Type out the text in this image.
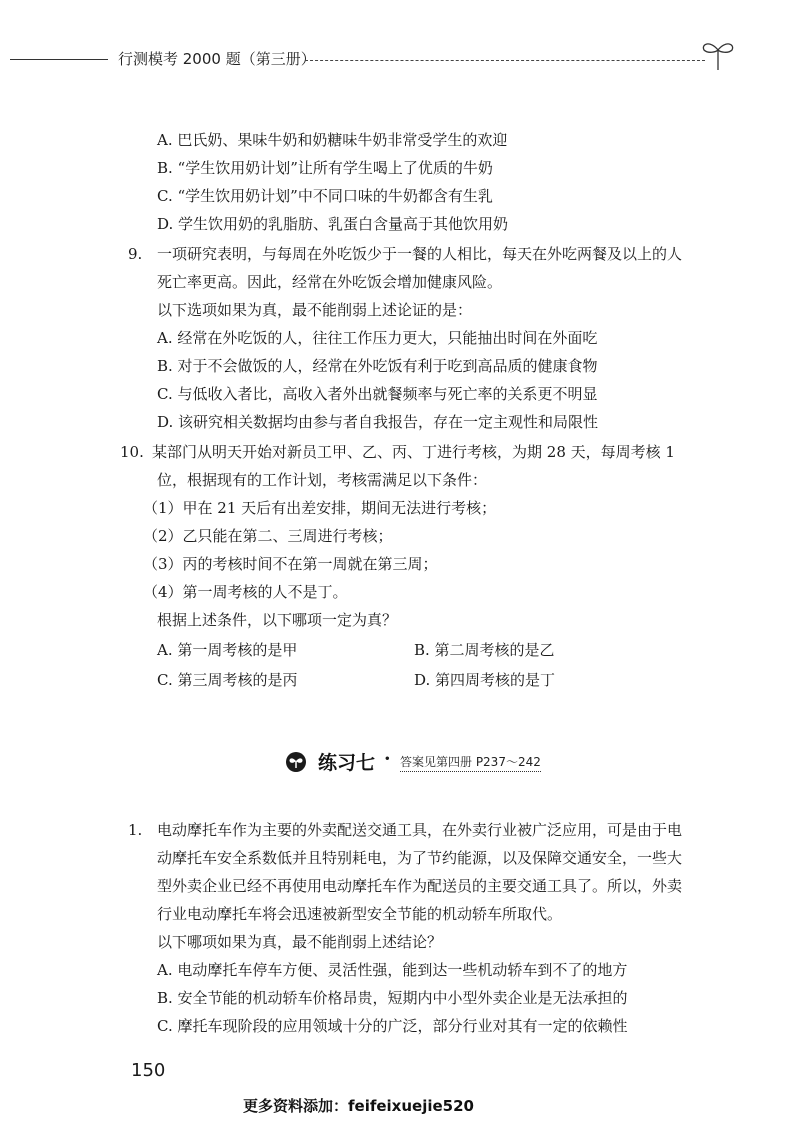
行测模考 2000 题（第三册）
A. 巴氏奶、果味牛奶和奶糖味牛奶非常受学生的欢迎
B. “学生饮用奶计划”让所有学生喝上了优质的牛奶
C. “学生饮用奶计划”中不同口味的牛奶都含有生乳
D. 学生饮用奶的乳脂肪、乳蛋白含量高于其他饮用奶
9. 一项研究表明，与每周在外吃饭少于一餐的人相比，每天在外吃两餐及以上的人
死亡率更高。因此，经常在外吃饭会增加健康风险。
以下选项如果为真，最不能削弱上述论证的是：
A. 经常在外吃饭的人，往往工作压力更大，只能抽出时间在外面吃
B. 对于不会做饭的人，经常在外吃饭有利于吃到高品质的健康食物
C. 与低收入者比，高收入者外出就餐频率与死亡率的关系更不明显
D. 该研究相关数据均由参与者自我报告，存在一定主观性和局限性
10. 某部门从明天开始对新员工甲、乙、丙、丁进行考核，为期 28 天，每周考核 1
位，根据现有的工作计划，考核需满足以下条件：
（1）甲在 21 天后有出差安排，期间无法进行考核；
（2）乙只能在第二、三周进行考核；
（3）丙的考核时间不在第一周就在第三周；
（4）第一周考核的人不是丁。
根据上述条件，以下哪项一定为真？
A. 第一周考核的是甲	B. 第二周考核的是乙
C. 第三周考核的是丙	D. 第四周考核的是丁
练习七 · 答案见第四册 P237～242
1. 电动摩托车作为主要的外卖配送交通工具，在外卖行业被广泛应用，可是由于电
动摩托车安全系数低并且特别耗电，为了节约能源，以及保障交通安全，一些大
型外卖企业已经不再使用电动摩托车作为配送员的主要交通工具了。所以，外卖
行业电动摩托车将会迅速被新型安全节能的机动轿车所取代。
以下哪项如果为真，最不能削弱上述结论？
A. 电动摩托车停车方便、灵活性强，能到达一些机动轿车到不了的地方
B. 安全节能的机动轿车价格昂贵，短期内中小型外卖企业是无法承担的
C. 摩托车现阶段的应用领域十分的广泛，部分行业对其有一定的依赖性
150
更多资料添加：feifeixuejie520
